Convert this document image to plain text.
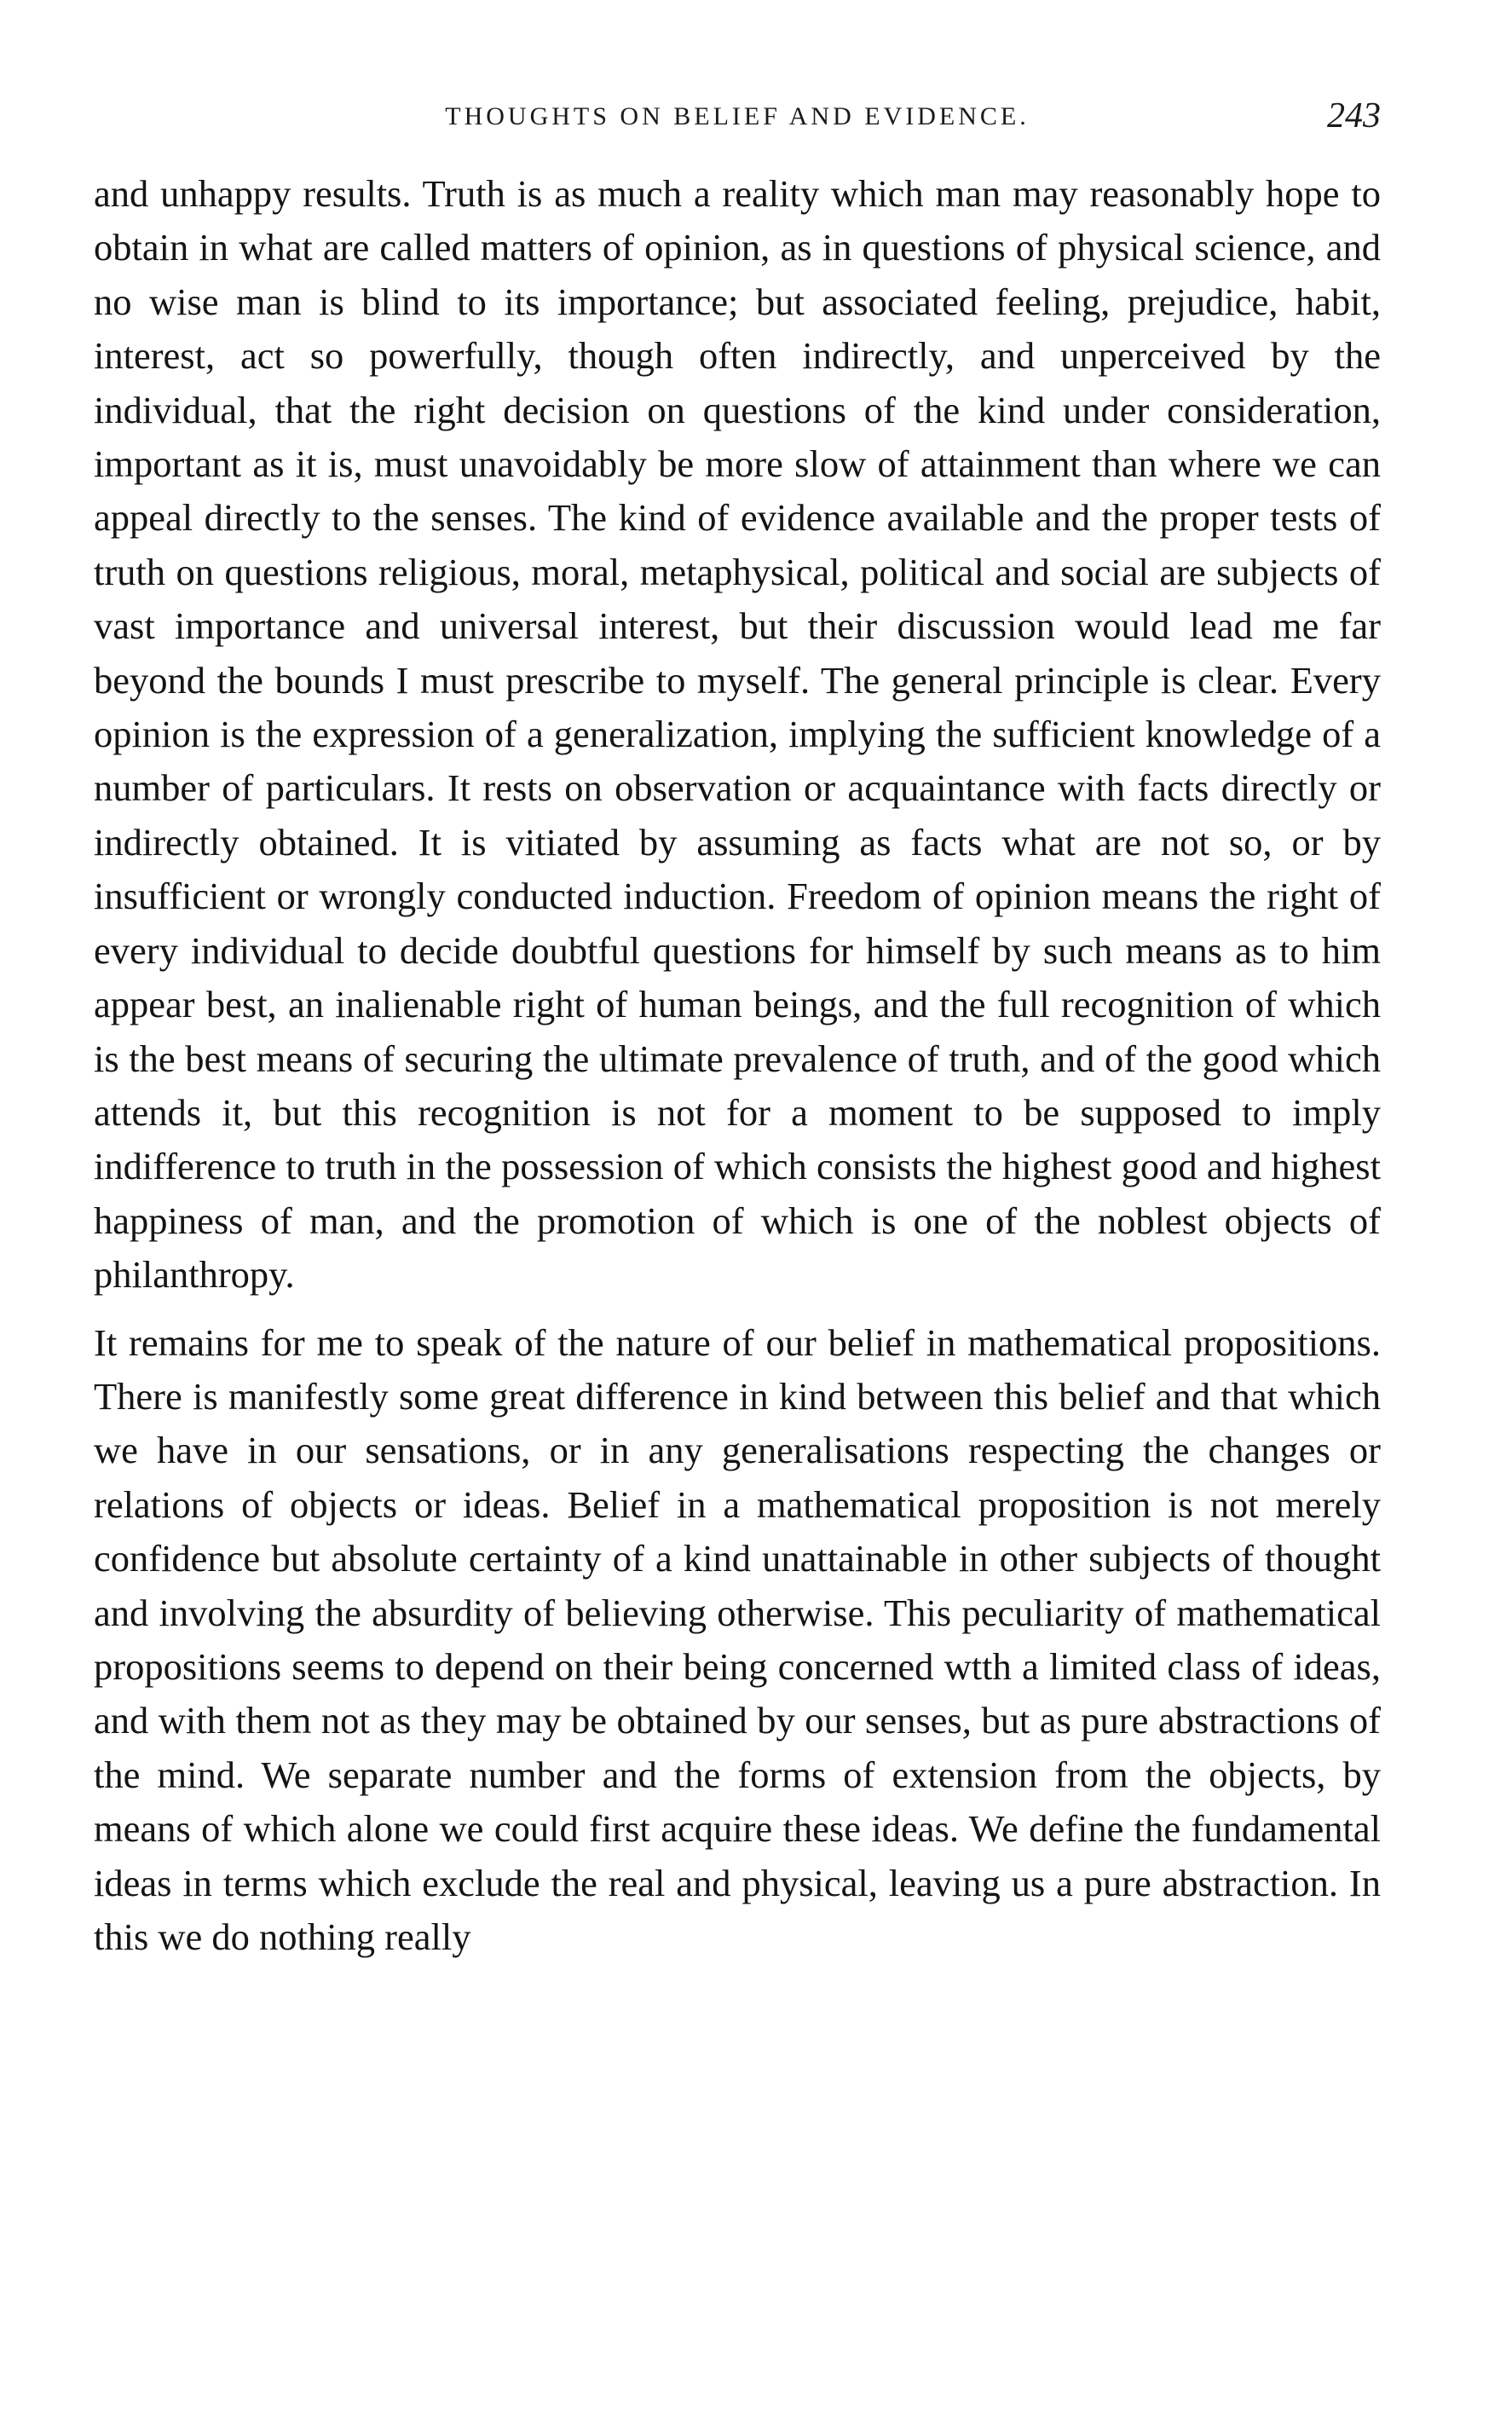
THOUGHTS ON BELIEF AND EVIDENCE.	243

and unhappy results. Truth is as much a reality which man may reasonably hope to obtain in what are called matters of opinion, as in questions of physical science, and no wise man is blind to its importance; but associated feeling, prejudice, habit, interest, act so powerfully, though often indirectly, and unperceived by the individual, that the right decision on questions of the kind under consideration, important as it is, must unavoidably be more slow of attainment than where we can appeal directly to the senses. The kind of evidence available and the proper tests of truth on questions religious, moral, metaphysical, political and social are subjects of vast importance and universal interest, but their discussion would lead me far beyond the bounds I must prescribe to myself. The general principle is clear. Every opinion is the expression of a generalization, implying the sufficient knowledge of a number of particulars. It rests on observation or acquaintance with facts directly or indirectly obtained. It is vitiated by assuming as facts what are not so, or by insufficient or wrongly conducted induction. Freedom of opinion means the right of every individual to decide doubtful questions for himself by such means as to him appear best, an inalienable right of human beings, and the full recognition of which is the best means of securing the ultimate prevalence of truth, and of the good which attends it, but this recognition is not for a moment to be supposed to imply indifference to truth in the possession of which consists the highest good and highest happiness of man, and the promotion of which is one of the noblest objects of philanthropy.

It remains for me to speak of the nature of our belief in mathematical propositions. There is manifestly some great difference in kind between this belief and that which we have in our sensations, or in any generalisations respecting the changes or relations of objects or ideas. Belief in a mathematical proposition is not merely confidence but absolute certainty of a kind unattainable in other subjects of thought and involving the absurdity of believing otherwise. This peculiarity of mathematical propositions seems to depend on their being concerned wtth a limited class of ideas, and with them not as they may be obtained by our senses, but as pure abstractions of the mind. We separate number and the forms of extension from the objects, by means of which alone we could first acquire these ideas. We define the fundamental ideas in terms which exclude the real and physical, leaving us a pure abstraction. In this we do nothing really
